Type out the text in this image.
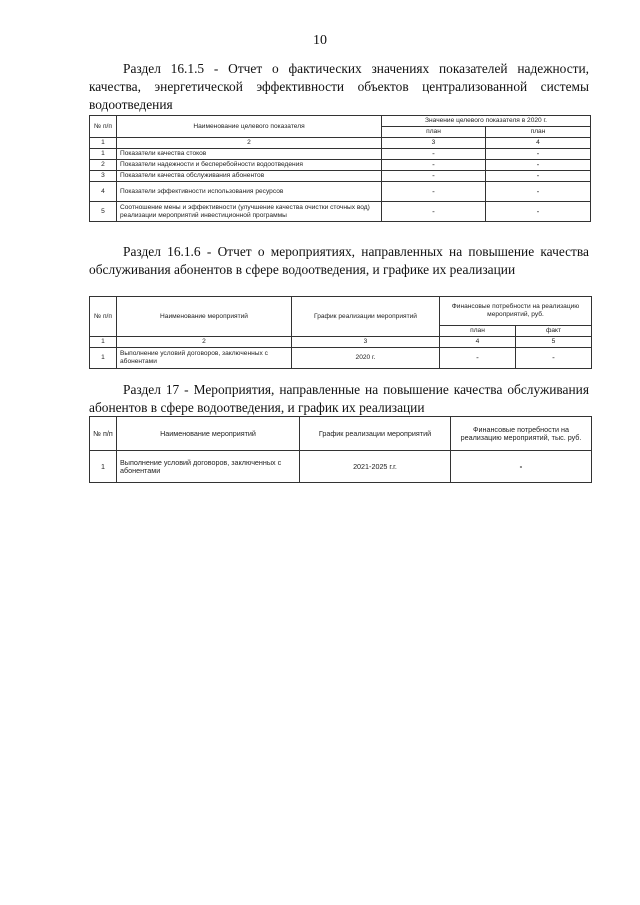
10
Раздел 16.1.5 - Отчет о фактических значениях показателей надежности, качества, энергетической эффективности объектов централизованной системы водоотведения
№ п/п	Наименование целевого показателя	Значение целевого показателя в 2020 г.	
		план	план
1	2	3	4
1	Показатели качества стоков	-	-
2	Показатели надежности и бесперебойности водоотведения	-	-
3	Показатели качества обслуживания абонентов	-	-
4	Показатели эффективности использования ресурсов	-	-
5	Соотношение мены и эффективности (улучшение качества очистки сточных вод) реализации мероприятий инвестиционной программы	-	-
Раздел 16.1.6 - Отчет о мероприятиях, направленных на повышение качества обслуживания абонентов в сфере водоотведения, и графике их реализации
№ п/п	Наименование мероприятий	График реализации мероприятий	Финансовые потребности на реализацию мероприятий, руб.	
			план	факт
1	2	3	4	5
1	Выполнение условий договоров, заключенных с абонентами	2020 г.	-	-
Раздел 17 - Мероприятия, направленные на повышение качества обслуживания абонентов в сфере водоотведения, и график их реализации
№ п/п	Наименование мероприятий	График реализации мероприятий	Финансовые потребности на реализацию мероприятий, тыс. руб.
1	Выполнение условий договоров, заключенных с абонентами	2021-2025 г.г.	-
